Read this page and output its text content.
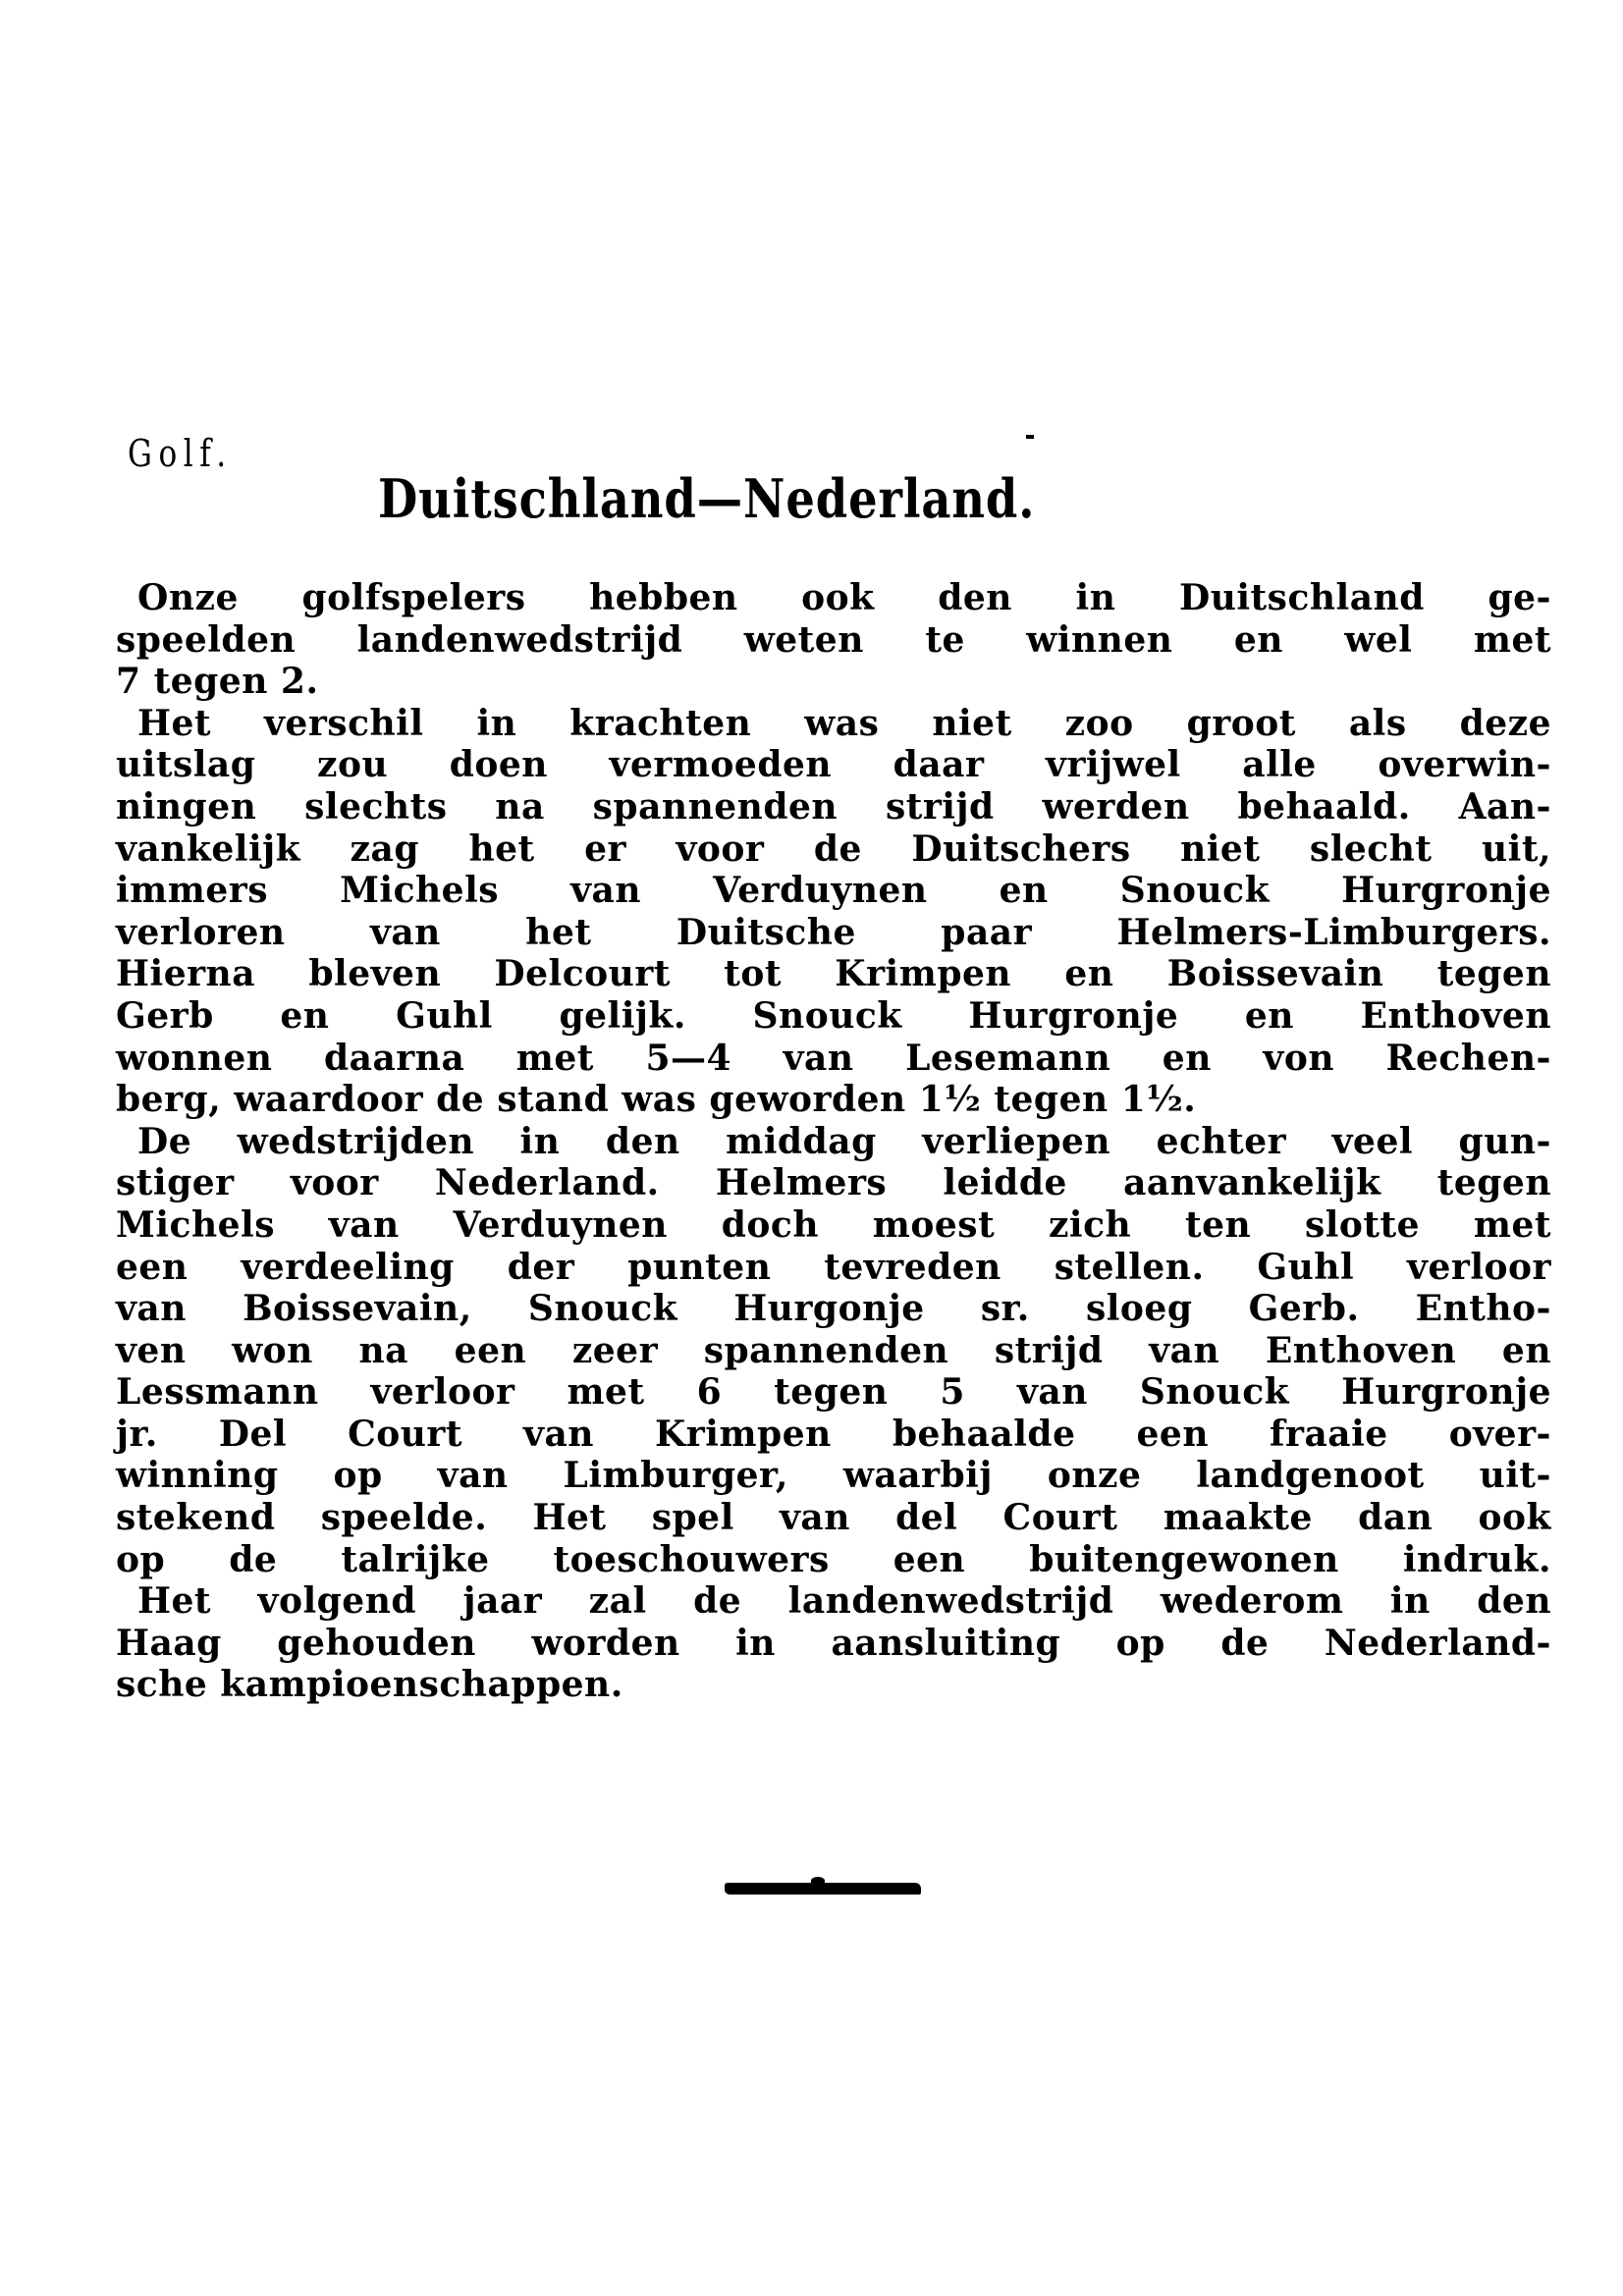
Golf.
Duitschland—Nederland.
Onze golfspelers hebben ook den in Duitschland ge-
speelden landenwedstrijd weten te winnen en wel met
7 tegen 2.
Het verschil in krachten was niet zoo groot als deze
uitslag zou doen vermoeden daar vrijwel alle overwin-
ningen slechts na spannenden strijd werden behaald. Aan-
vankelijk zag het er voor de Duitschers niet slecht uit,
immers Michels van Verduynen en Snouck Hurgronje
verloren van het Duitsche paar Helmers-Limburgers.
Hierna bleven Delcourt tot Krimpen en Boissevain tegen
Gerb en Guhl gelijk. Snouck Hurgronje en Enthoven
wonnen daarna met 5—4 van Lesemann en von Rechen-
berg, waardoor de stand was geworden 1½ tegen 1½.
De wedstrijden in den middag verliepen echter veel gun-
stiger voor Nederland. Helmers leidde aanvankelijk tegen
Michels van Verduynen doch moest zich ten slotte met
een verdeeling der punten tevreden stellen. Guhl verloor
van Boissevain, Snouck Hurgonje sr. sloeg Gerb. Entho-
ven won na een zeer spannenden strijd van Enthoven en
Lessmann verloor met 6 tegen 5 van Snouck Hurgronje
jr. Del Court van Krimpen behaalde een fraaie over-
winning op van Limburger, waarbij onze landgenoot uit-
stekend speelde. Het spel van del Court maakte dan ook
op de talrijke toeschouwers een buitengewonen indruk.
Het volgend jaar zal de landenwedstrijd wederom in den
Haag gehouden worden in aansluiting op de Nederland-
sche kampioenschappen.
